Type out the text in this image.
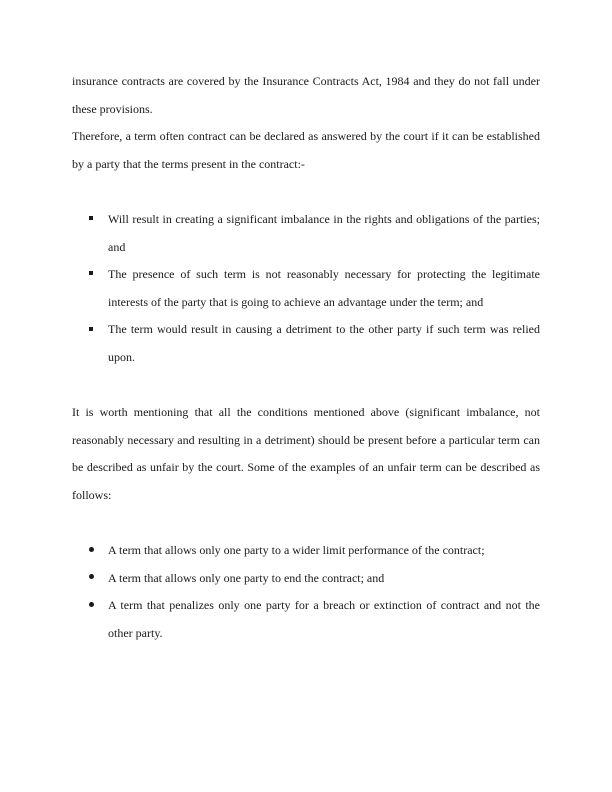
insurance contracts are covered by the Insurance Contracts Act, 1984 and they do not fall under these provisions.

Therefore, a term often contract can be declared as answered by the court if it can be established by a party that the terms present in the contract:-

Will result in creating a significant imbalance in the rights and obligations of the parties; and
The presence of such term is not reasonably necessary for protecting the legitimate interests of the party that is going to achieve an advantage under the term; and
The term would result in causing a detriment to the other party if such term was relied upon.

It is worth mentioning that all the conditions mentioned above (significant imbalance, not reasonably necessary and resulting in a detriment) should be present before a particular term can be described as unfair by the court. Some of the examples of an unfair term can be described as follows:

A term that allows only one party to a wider limit performance of the contract;
A term that allows only one party to end the contract; and
A term that penalizes only one party for a breach or extinction of contract and not the other party.
